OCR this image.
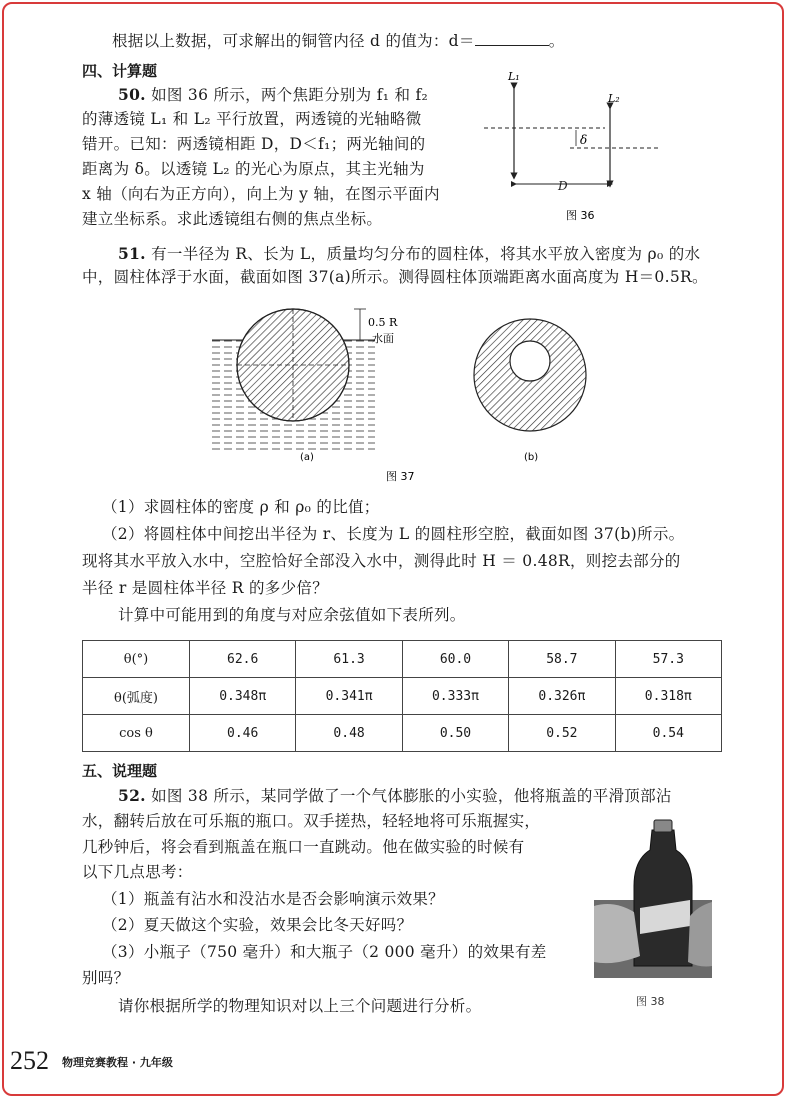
根据以上数据，可求解出的铜管内径 d 的值为：d＝	。
四、计算题
50. 如图 36 所示，两个焦距分别为 f₁ 和 f₂
的薄透镜 L₁ 和 L₂ 平行放置，两透镜的光轴略微
错开。已知：两透镜相距 D，D＜f₁；两光轴间的
距离为 δ。以透镜 L₂ 的光心为原点，其主光轴为
x 轴（向右为正方向），向上为 y 轴，在图示平面内
建立坐标系。求此透镜组右侧的焦点坐标。
L₁
L₂
δ
D
图 36
51. 有一半径为 R、长为 L，质量均匀分布的圆柱体，将其水平放入密度为 ρ₀ 的水
中，圆柱体浮于水面，截面如图 37(a)所示。测得圆柱体顶端距离水面高度为 H＝0.5R。
0.5 R
水面
(a)	(b)
图 37
（1）求圆柱体的密度 ρ 和 ρ₀ 的比值；
（2）将圆柱体中间挖出半径为 r、长度为 L 的圆柱形空腔，截面如图 37(b)所示。
现将其水平放入水中，空腔恰好全部没入水中，测得此时 H ＝ 0.48R，则挖去部分的
半径 r 是圆柱体半径 R 的多少倍？
计算中可能用到的角度与对应余弦值如下表所列。
θ(°)	62.6	61.3	60.0	58.7	57.3
θ(弧度)	0.348π	0.341π	0.333π	0.326π	0.318π
cos θ	0.46	0.48	0.50	0.52	0.54
五、说理题
52. 如图 38 所示，某同学做了一个气体膨胀的小实验，他将瓶盖的平滑顶部沾
水，翻转后放在可乐瓶的瓶口。双手搓热，轻轻地将可乐瓶握实，
几秒钟后，将会看到瓶盖在瓶口一直跳动。他在做实验的时候有
以下几点思考：
（1）瓶盖有沾水和没沾水是否会影响演示效果？
（2）夏天做这个实验，效果会比冬天好吗？
（3）小瓶子（750 毫升）和大瓶子（2 000 毫升）的效果有差
别吗？
请你根据所学的物理知识对以上三个问题进行分析。	图 38
252 物理竞赛教程 · 九年级
